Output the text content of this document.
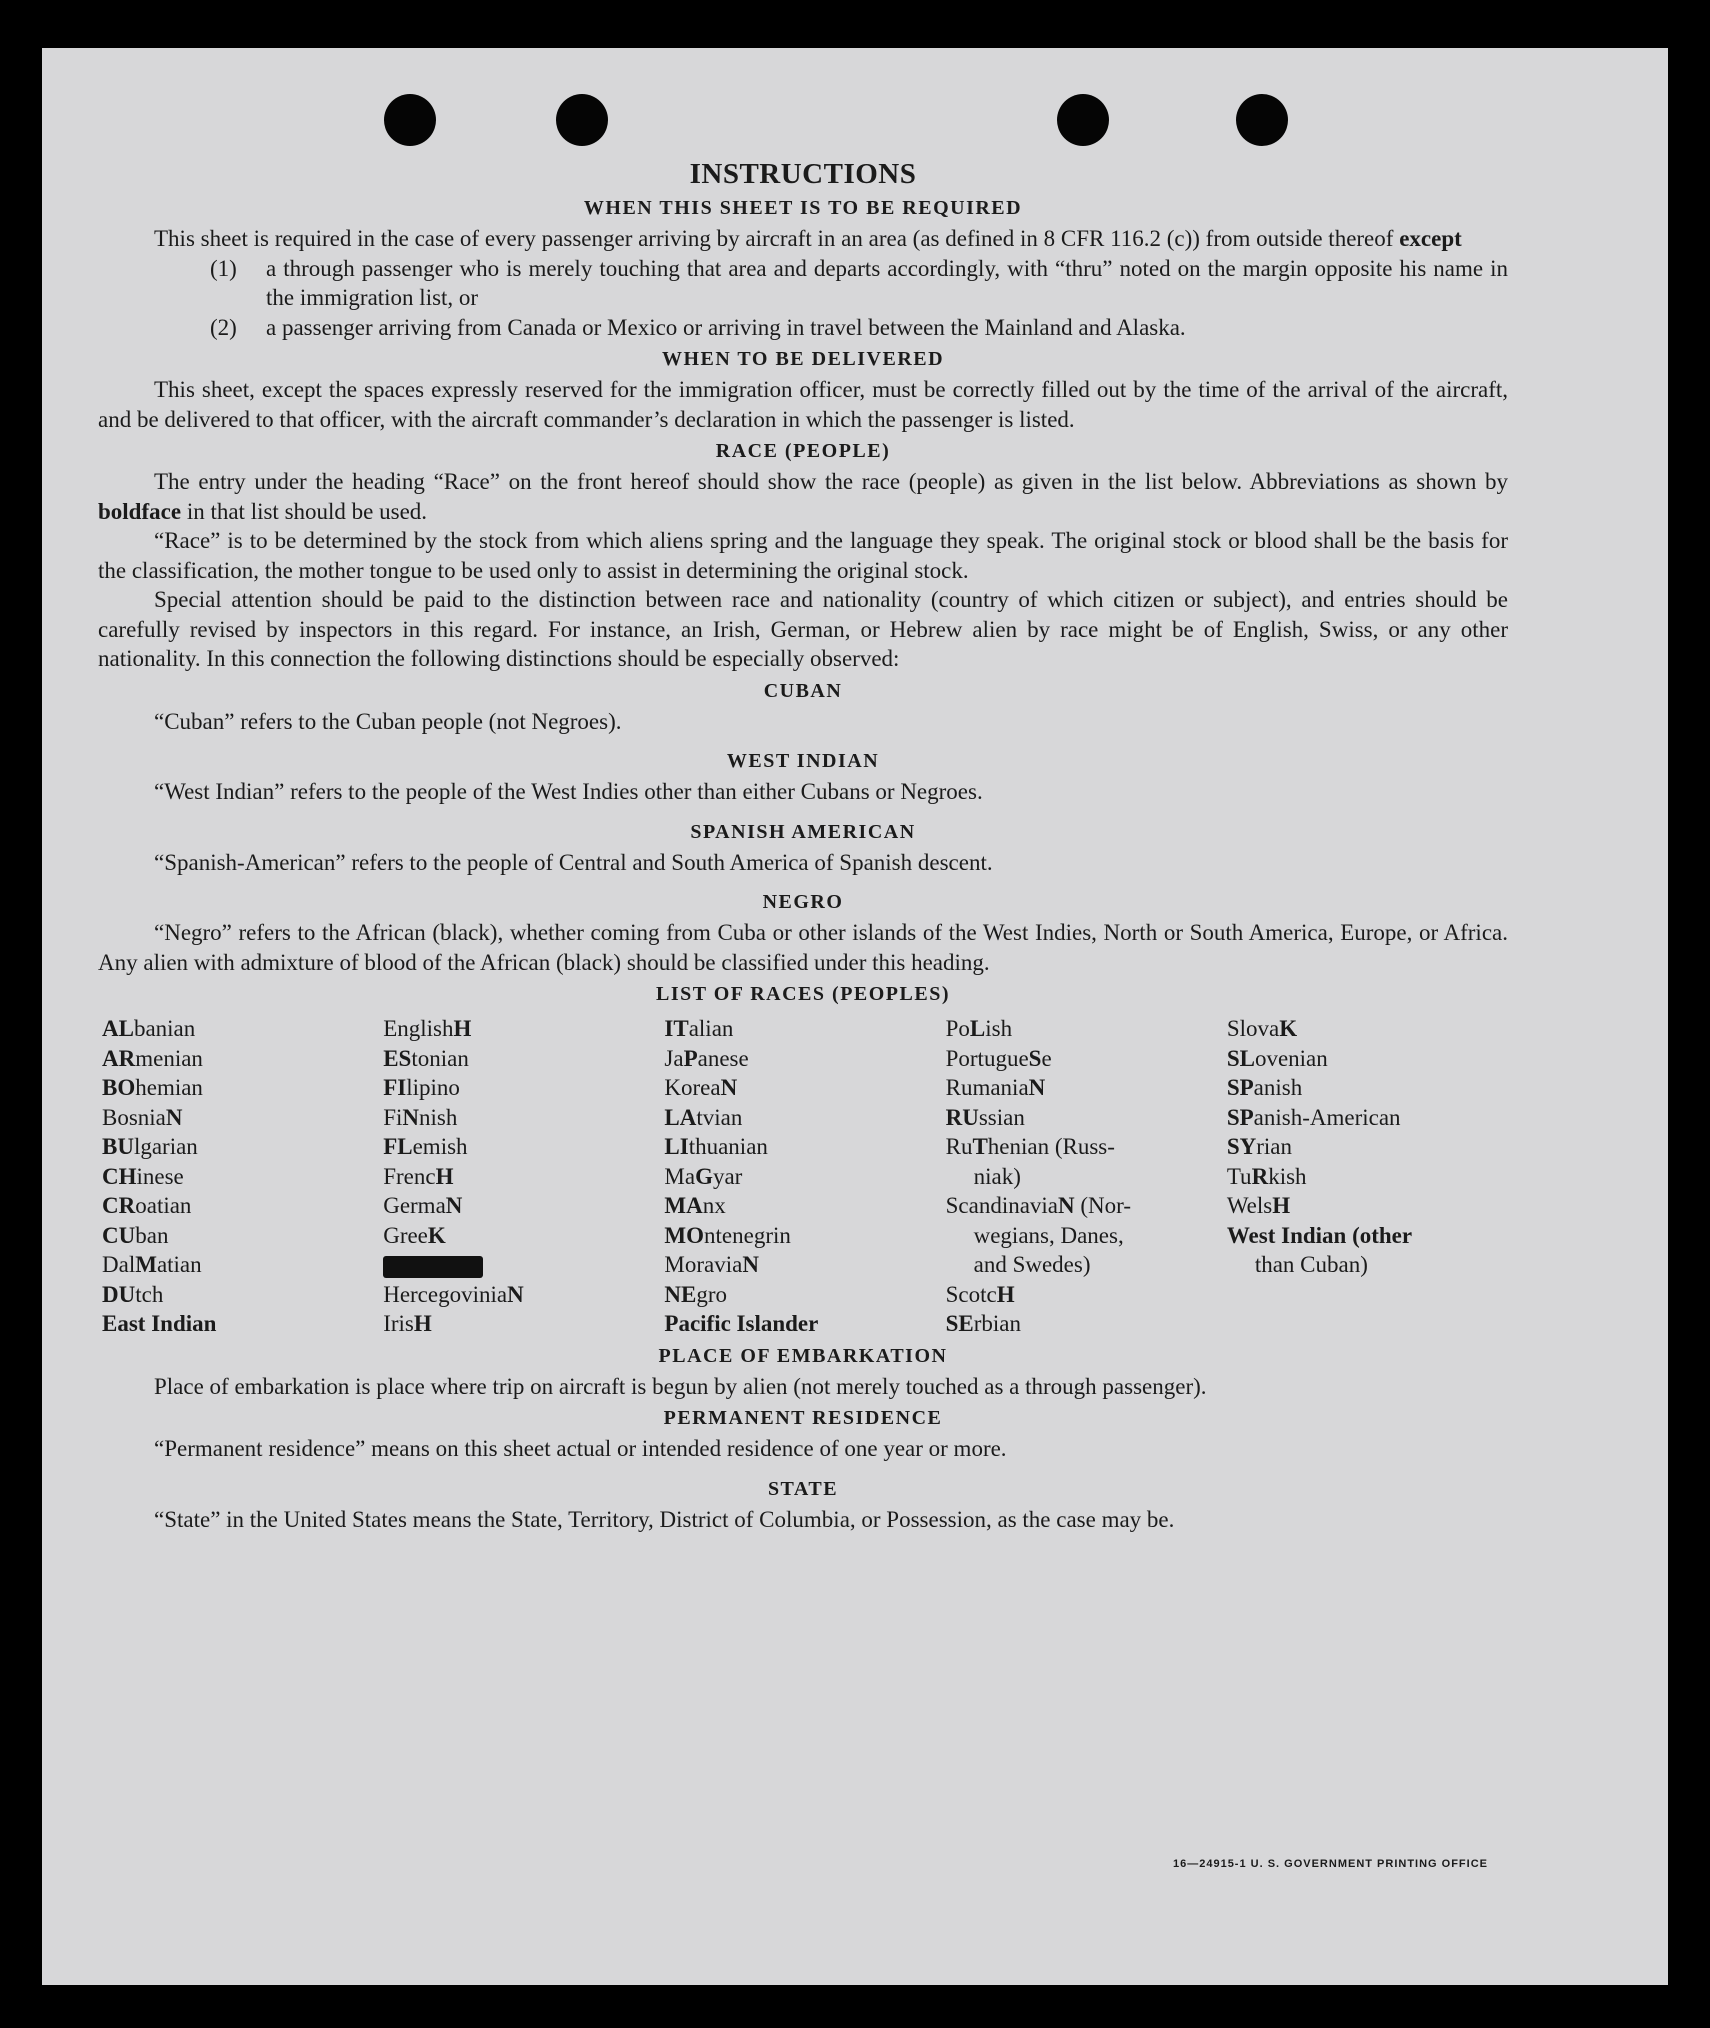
INSTRUCTIONS
WHEN THIS SHEET IS TO BE REQUIRED

This sheet is required in the case of every passenger arriving by aircraft in an area (as defined in 8 CFR 116.2 (c)) from outside thereof except

(1)	a through passenger who is merely touching that area and departs accordingly, with “thru” noted on the margin opposite his name in the immigration list, or
(2)	a passenger arriving from Canada or Mexico or arriving in travel between the Mainland and Alaska.
WHEN TO BE DELIVERED

This sheet, except the spaces expressly reserved for the immigration officer, must be correctly filled out by the time of the arrival of the aircraft, and be delivered to that officer, with the aircraft commander’s declaration in which the passenger is listed.

RACE (PEOPLE)

The entry under the heading “Race” on the front hereof should show the race (people) as given in the list below. Abbreviations as shown by boldface in that list should be used.

“Race” is to be determined by the stock from which aliens spring and the language they speak. The original stock or blood shall be the basis for the classification, the mother tongue to be used only to assist in determining the original stock.

Special attention should be paid to the distinction between race and nationality (country of which citizen or subject), and entries should be carefully revised by inspectors in this regard. For instance, an Irish, German, or Hebrew alien by race might be of English, Swiss, or any other nationality. In this connection the following distinctions should be especially observed:

CUBAN

“Cuban” refers to the Cuban people (not Negroes).

WEST INDIAN

“West Indian” refers to the people of the West Indies other than either Cubans or Negroes.

SPANISH AMERICAN

“Spanish-American” refers to the people of Central and South America of Spanish descent.

NEGRO

“Negro” refers to the African (black), whether coming from Cuba or other islands of the West Indies, North or South America, Europe, or Africa. Any alien with admixture of blood of the African (black) should be classified under this heading.

LIST OF RACES (PEOPLES)
ALbanian
ARmenian
BOhemian
BosniaN
BUlgarian
CHinese
CRoatian
CUban
DalMatian
DUtch
East Indian
EnglishH
EStonian
FIlipino
FiNnish
FLemish
FrencH
GermaN
GreeK
HercegoviniaN
IrisH
ITalian
JaPanese
KoreaN
LAtvian
LIthuanian
MaGyar
MAnx
MOntenegrin
MoraviaN
NEgro
Pacific Islander
PoLish
PortugueSe
RumaniaN
RUssian
RuThenian (Russ-
niak)
ScandinaviaN (Nor-
wegians, Danes,
and Swedes)
ScotcH
SErbian
SlovaK
SLovenian
SPanish
SPanish-American
SYrian
TuRkish
WelsH
West Indian (other
than Cuban)
PLACE OF EMBARKATION

Place of embarkation is place where trip on aircraft is begun by alien (not merely touched as a through passenger).

PERMANENT RESIDENCE

“Permanent residence” means on this sheet actual or intended residence of one year or more.

STATE

“State” in the United States means the State, Territory, District of Columbia, or Possession, as the case may be.

16—24915-1 U. S. GOVERNMENT PRINTING OFFICE
